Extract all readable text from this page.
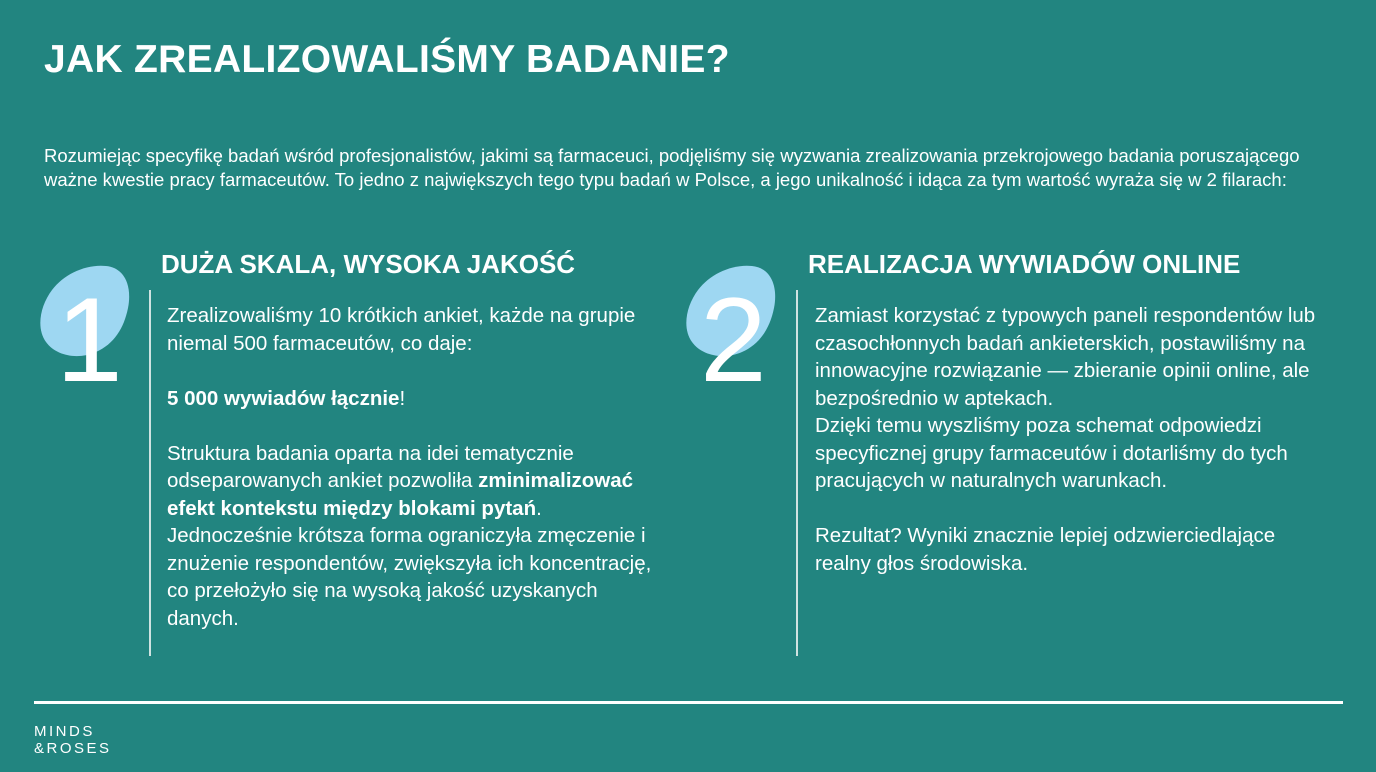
JAK ZREALIZOWALIŚMY BADANIE?
Rozumiejąc specyfikę badań wśród profesjonalistów, jakimi są farmaceuci, podjęliśmy się wyzwania zrealizowania przekrojowego badania poruszającego ważne kwestie pracy farmaceutów. To jedno z największych tego typu badań w Polsce, a jego unikalność i idąca za tym wartość wyraża się w 2 filarach:
1
DUŻA SKALA, WYSOKA JAKOŚĆ

Zrealizowaliśmy 10 krótkich ankiet, każde na grupie niemal 500 farmaceutów, co daje:

5 000 wywiadów łącznie!

Struktura badania oparta na idei tematycznie odseparowanych ankiet pozwoliła zminimalizować efekt kontekstu między blokami pytań. Jednocześnie krótsza forma ograniczyła zmęczenie i znużenie respondentów, zwiększyła ich koncentrację, co przełożyło się na wysoką jakość uzyskanych danych.

2
REALIZACJA WYWIADÓW ONLINE

Zamiast korzystać z typowych paneli respondentów lub czasochłonnych badań ankieterskich, postawiliśmy na innowacyjne rozwiązanie — zbieranie opinii online, ale bezpośrednio w aptekach.

Dzięki temu wyszliśmy poza schemat odpowiedzi specyficznej grupy farmaceutów i dotarliśmy do tych pracujących w naturalnych warunkach.

Rezultat? Wyniki znacznie lepiej odzwierciedlające realny głos środowiska.

MINDS
&ROSES
